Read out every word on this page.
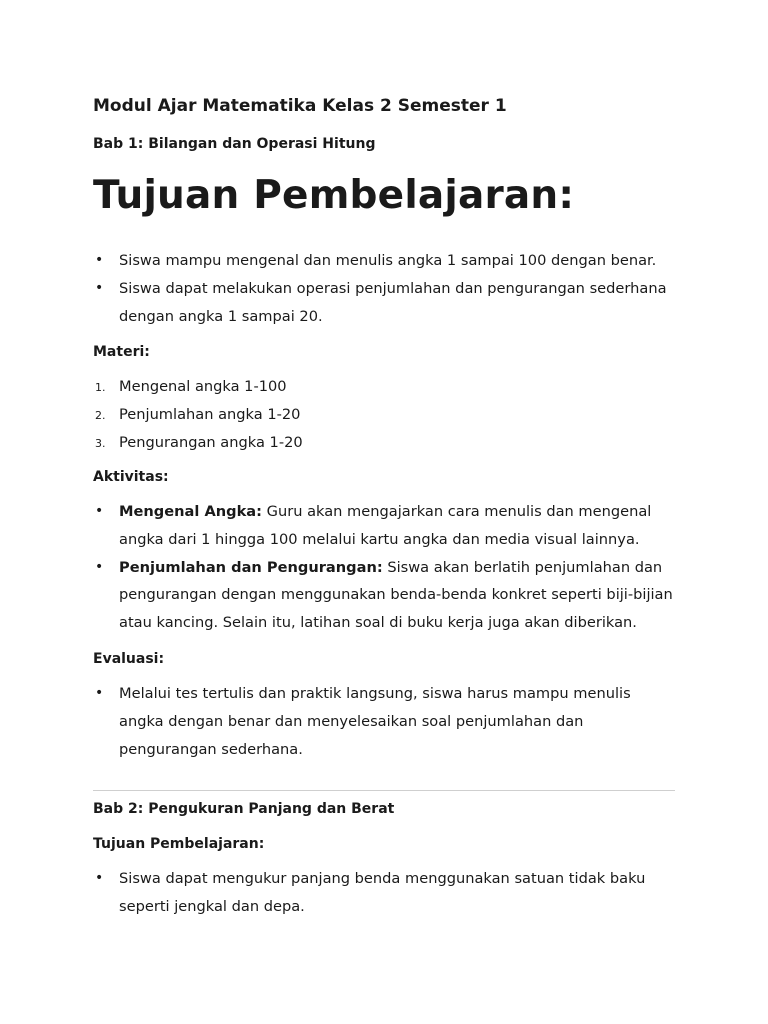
Modul Ajar Matematika Kelas 2 Semester 1
Bab 1: Bilangan dan Operasi Hitung
Tujuan Pembelajaran:
• Siswa mampu mengenal dan menulis angka 1 sampai 100 dengan benar.
• Siswa dapat melakukan operasi penjumlahan dan pengurangan sederhana dengan angka 1 sampai 20.
Materi:
1. Mengenal angka 1-100
2. Penjumlahan angka 1-20
3. Pengurangan angka 1-20
Aktivitas:
• Mengenal Angka: Guru akan mengajarkan cara menulis dan mengenal angka dari 1 hingga 100 melalui kartu angka dan media visual lainnya.
• Penjumlahan dan Pengurangan: Siswa akan berlatih penjumlahan dan pengurangan dengan menggunakan benda-benda konkret seperti biji-bijian atau kancing. Selain itu, latihan soal di buku kerja juga akan diberikan.
Evaluasi:
• Melalui tes tertulis dan praktik langsung, siswa harus mampu menulis angka dengan benar dan menyelesaikan soal penjumlahan dan pengurangan sederhana.
Bab 2: Pengukuran Panjang dan Berat
Tujuan Pembelajaran:
• Siswa dapat mengukur panjang benda menggunakan satuan tidak baku seperti jengkal dan depa.
